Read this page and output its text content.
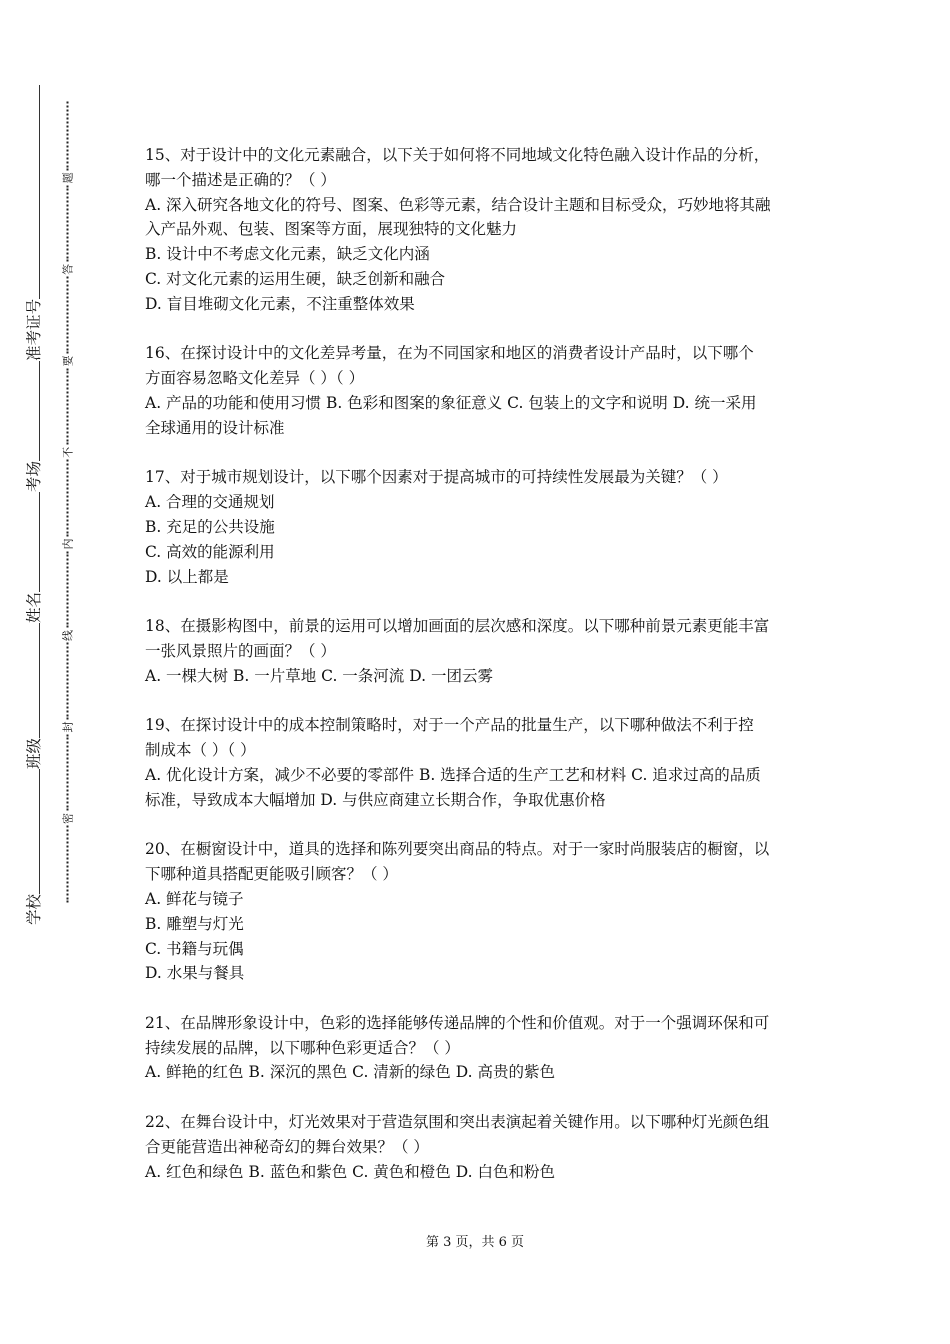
学校
班级
姓名
考场
准考证号
密
封
线
内
不
要
答
题
15、对于设计中的文化元素融合，以下关于如何将不同地域文化特色融入设计作品的分析，
哪一个描述是正确的？（ ）
A. 深入研究各地文化的符号、图案、色彩等元素，结合设计主题和目标受众，巧妙地将其融
入产品外观、包装、图案等方面，展现独特的文化魅力
B. 设计中不考虑文化元素，缺乏文化内涵
C. 对文化元素的运用生硬，缺乏创新和融合
D. 盲目堆砌文化元素，不注重整体效果
16、在探讨设计中的文化差异考量，在为不同国家和地区的消费者设计产品时，以下哪个
方面容易忽略文化差异（ ）（ ）
A. 产品的功能和使用习惯 B. 色彩和图案的象征意义 C. 包装上的文字和说明 D. 统一采用
全球通用的设计标准
17、对于城市规划设计，以下哪个因素对于提高城市的可持续性发展最为关键？（ ）
A. 合理的交通规划
B. 充足的公共设施
C. 高效的能源利用
D. 以上都是
18、在摄影构图中，前景的运用可以增加画面的层次感和深度。以下哪种前景元素更能丰富
一张风景照片的画面？（ ）
A. 一棵大树 B. 一片草地 C. 一条河流 D. 一团云雾
19、在探讨设计中的成本控制策略时，对于一个产品的批量生产，以下哪种做法不利于控
制成本（ ）（ ）
A. 优化设计方案，减少不必要的零部件 B. 选择合适的生产工艺和材料 C. 追求过高的品质
标准，导致成本大幅增加 D. 与供应商建立长期合作，争取优惠价格
20、在橱窗设计中，道具的选择和陈列要突出商品的特点。对于一家时尚服装店的橱窗，以
下哪种道具搭配更能吸引顾客？（ ）
A. 鲜花与镜子
B. 雕塑与灯光
C. 书籍与玩偶
D. 水果与餐具
21、在品牌形象设计中，色彩的选择能够传递品牌的个性和价值观。对于一个强调环保和可
持续发展的品牌，以下哪种色彩更适合？（ ）
A. 鲜艳的红色 B. 深沉的黑色 C. 清新的绿色 D. 高贵的紫色
22、在舞台设计中，灯光效果对于营造氛围和突出表演起着关键作用。以下哪种灯光颜色组
合更能营造出神秘奇幻的舞台效果？（ ）
A. 红色和绿色 B. 蓝色和紫色 C. 黄色和橙色 D. 白色和粉色
第 3 页，共 6 页
